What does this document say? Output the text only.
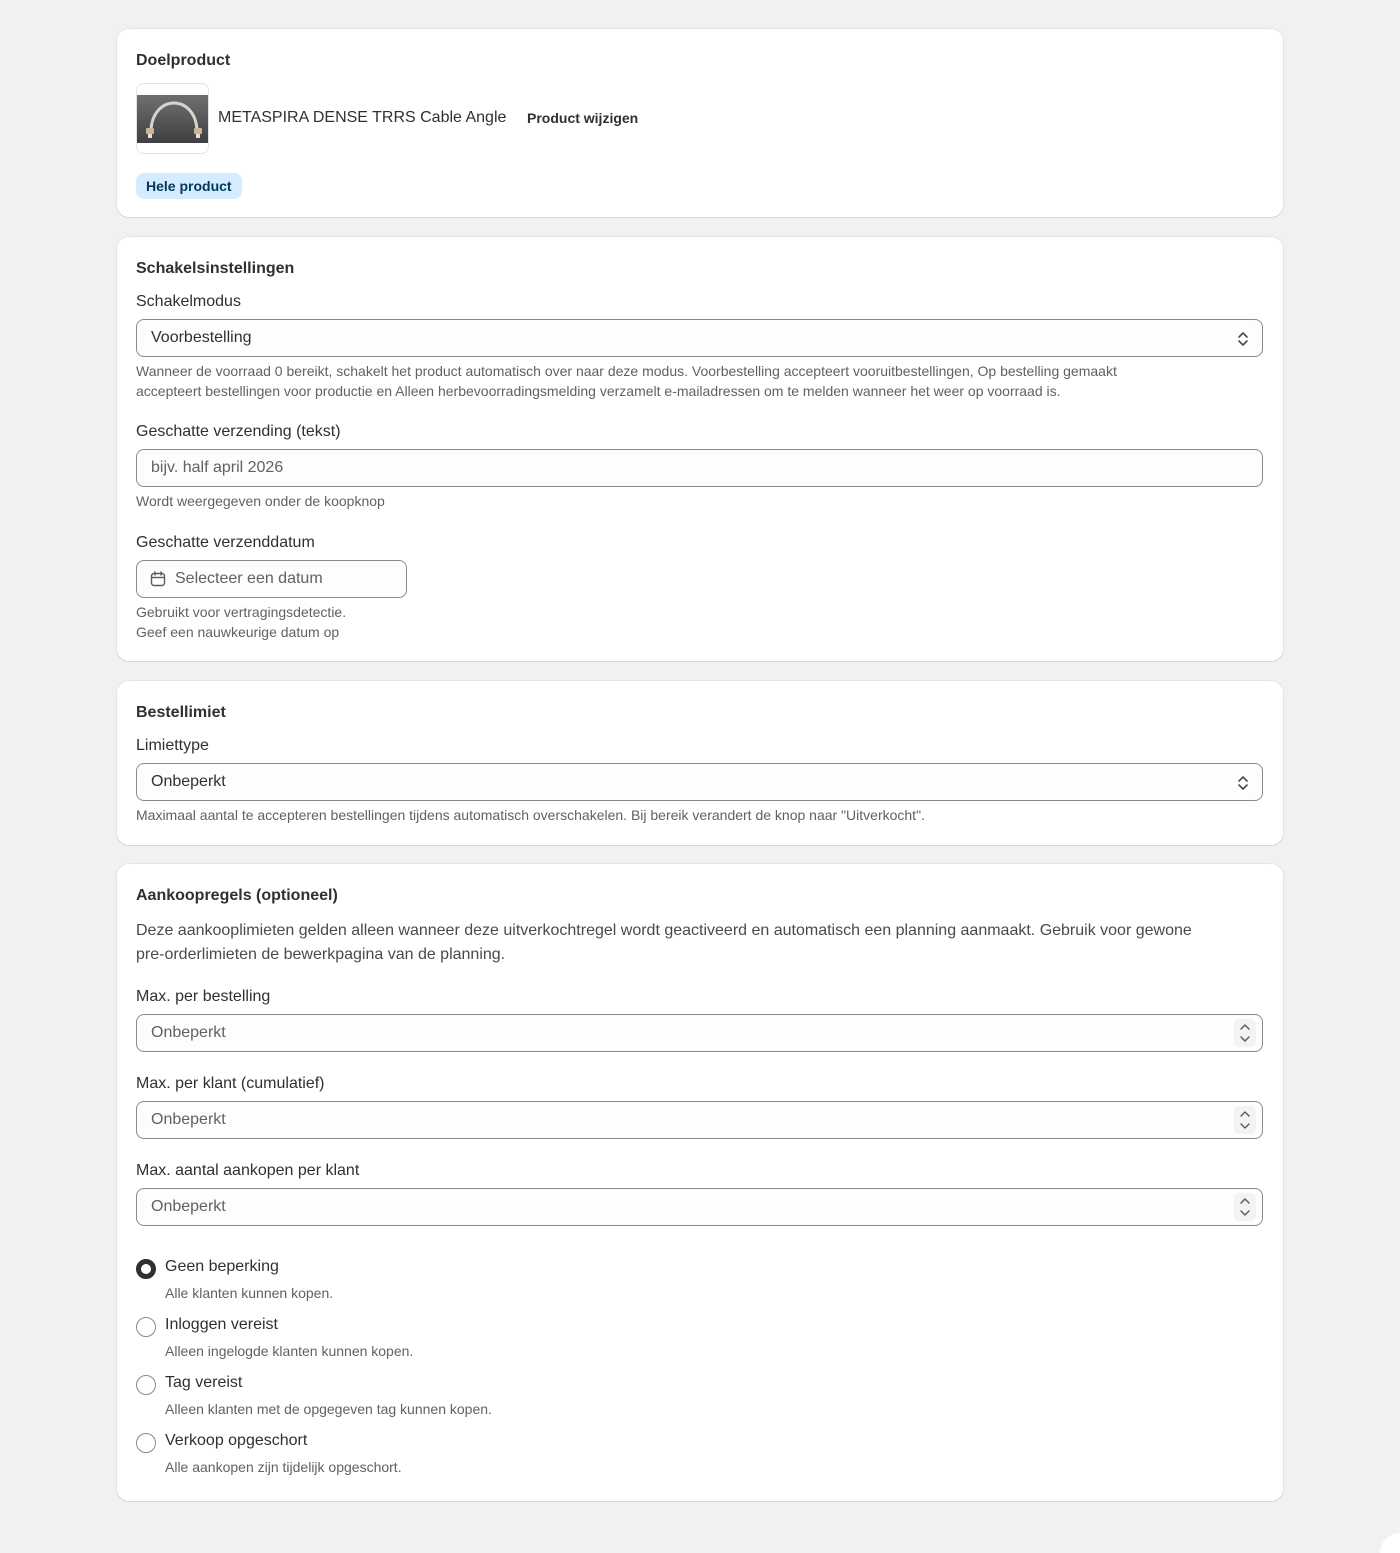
Doelproduct
METASPIRA DENSE TRRS Cable Angle Product wijzigen
Hele product
Schakelsinstellingen
Schakelmodus
Voorbestelling
Wanneer de voorraad 0 bereikt, schakelt het product automatisch over naar deze modus. Voorbestelling accepteert vooruitbestellingen, Op bestelling gemaakt
accepteert bestellingen voor productie en Alleen herbevoorradingsmelding verzamelt e-mailadressen om te melden wanneer het weer op voorraad is.
Geschatte verzending (tekst)
bijv. half april 2026
Wordt weergegeven onder de koopknop
Geschatte verzenddatum
Selecteer een datum
Gebruikt voor vertragingsdetectie.
Geef een nauwkeurige datum op
Bestellimiet
Limiettype
Onbeperkt
Maximaal aantal te accepteren bestellingen tijdens automatisch overschakelen. Bij bereik verandert de knop naar "Uitverkocht".
Aankoopregels (optioneel)
Deze aankooplimieten gelden alleen wanneer deze uitverkochtregel wordt geactiveerd en automatisch een planning aanmaakt. Gebruik voor gewone
pre-orderlimieten de bewerkpagina van de planning.
Max. per bestelling
Onbeperkt
Max. per klant (cumulatief)
Onbeperkt
Max. aantal aankopen per klant
Onbeperkt
Geen beperking
Alle klanten kunnen kopen.
Inloggen vereist
Alleen ingelogde klanten kunnen kopen.
Tag vereist
Alleen klanten met de opgegeven tag kunnen kopen.
Verkoop opgeschort
Alle aankopen zijn tijdelijk opgeschort.
